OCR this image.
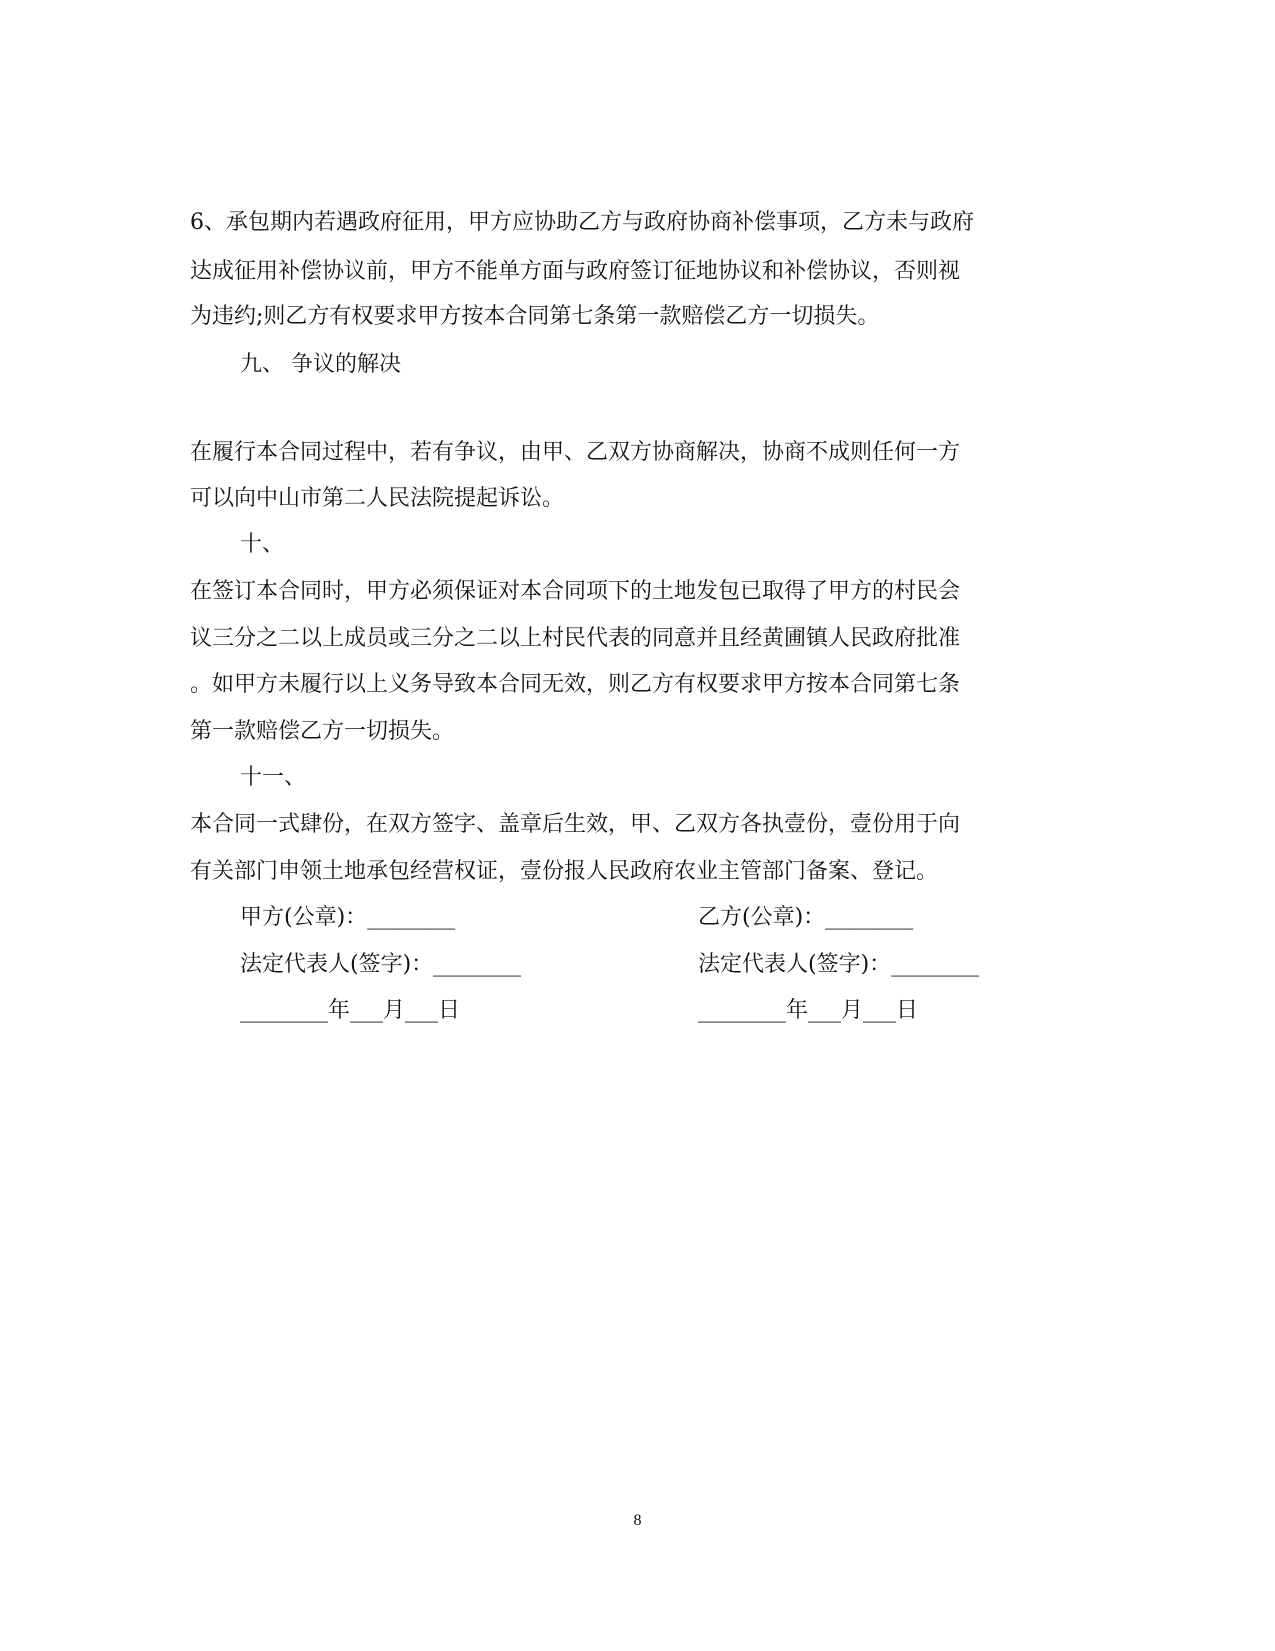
6、承包期内若遇政府征用，甲方应协助乙方与政府协商补偿事项，乙方未与政府
达成征用补偿协议前，甲方不能单方面与政府签订征地协议和补偿协议，否则视
为违约;则乙方有权要求甲方按本合同第七条第一款赔偿乙方一切损失。
九、 争议的解决
在履行本合同过程中，若有争议，由甲、乙双方协商解决，协商不成则任何一方
可以向中山市第二人民法院提起诉讼。
十、
在签订本合同时，甲方必须保证对本合同项下的土地发包已取得了甲方的村民会
议三分之二以上成员或三分之二以上村民代表的同意并且经黄圃镇人民政府批准
。如甲方未履行以上义务导致本合同无效，则乙方有权要求甲方按本合同第七条
第一款赔偿乙方一切损失。
十一、
本合同一式肆份，在双方签字、盖章后生效，甲、乙双方各执壹份，壹份用于向
有关部门申领土地承包经营权证，壹份报人民政府农业主管部门备案、登记。
甲方(公章)：________
法定代表人(签字)：________
________年___月___日
乙方(公章)：________
法定代表人(签字)：________
________年___月___日
8
